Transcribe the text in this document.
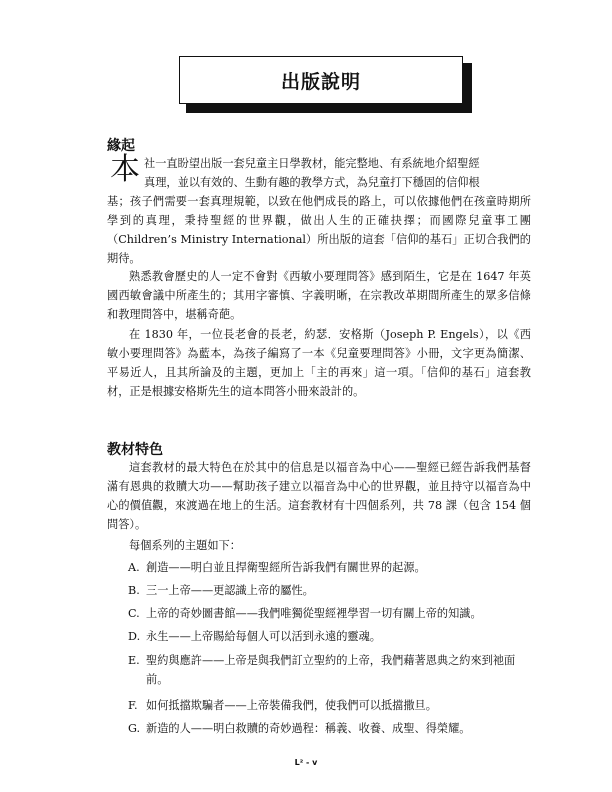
出版說明
緣起
本 社一直盼望出版一套兒童主日學教材，能完整地、有系統地介紹聖經
真理，並以有效的、生動有趣的教學方式，為兒童打下穩固的信仰根
基；孩子們需要一套真理規範，以致在他們成長的路上，可以依據他們在孩童時期所學到的真理，秉持聖經的世界觀，做出人生的正確抉擇；而國際兒童事工團（Children’s Ministry International）所出版的這套「信仰的基石」正切合我們的期待。
熟悉教會歷史的人一定不會對《西敏小要理問答》感到陌生，它是在 1647 年英國西敏會議中所產生的；其用字審慎、字義明晰，在宗教改革期間所產生的眾多信條和教理問答中，堪稱奇葩。
在 1830 年，一位長老會的長老，約瑟．安格斯（Joseph P. Engels），以《西敏小要理問答》為藍本，為孩子編寫了一本《兒童要理問答》小冊，文字更為簡潔、平易近人，且其所論及的主題，更加上「主的再來」這一項。「信仰的基石」這套教材，正是根據安格斯先生的這本問答小冊來設計的。
教材特色
這套教材的最大特色在於其中的信息是以福音為中心——聖經已經告訴我們基督滿有恩典的救贖大功——幫助孩子建立以福音為中心的世界觀，並且持守以福音為中心的價值觀，來渡過在地上的生活。這套教材有十四個系列，共 78 課（包含 154 個問答）。
每個系列的主題如下：
A. 創造——明白並且捍衛聖經所告訴我們有關世界的起源。
B. 三一上帝——更認識上帝的屬性。
C. 上帝的奇妙圖書館——我們唯獨從聖經裡學習一切有關上帝的知識。
D. 永生——上帝賜給每個人可以活到永遠的靈魂。
E. 聖約與應許——上帝是與我們訂立聖約的上帝，我們藉著恩典之約來到祂面前。
F. 如何抵擋欺騙者——上帝裝備我們，使我們可以抵擋撒旦。
G. 新造的人——明白救贖的奇妙過程：稱義、收養、成聖、得榮耀。
L² - v
